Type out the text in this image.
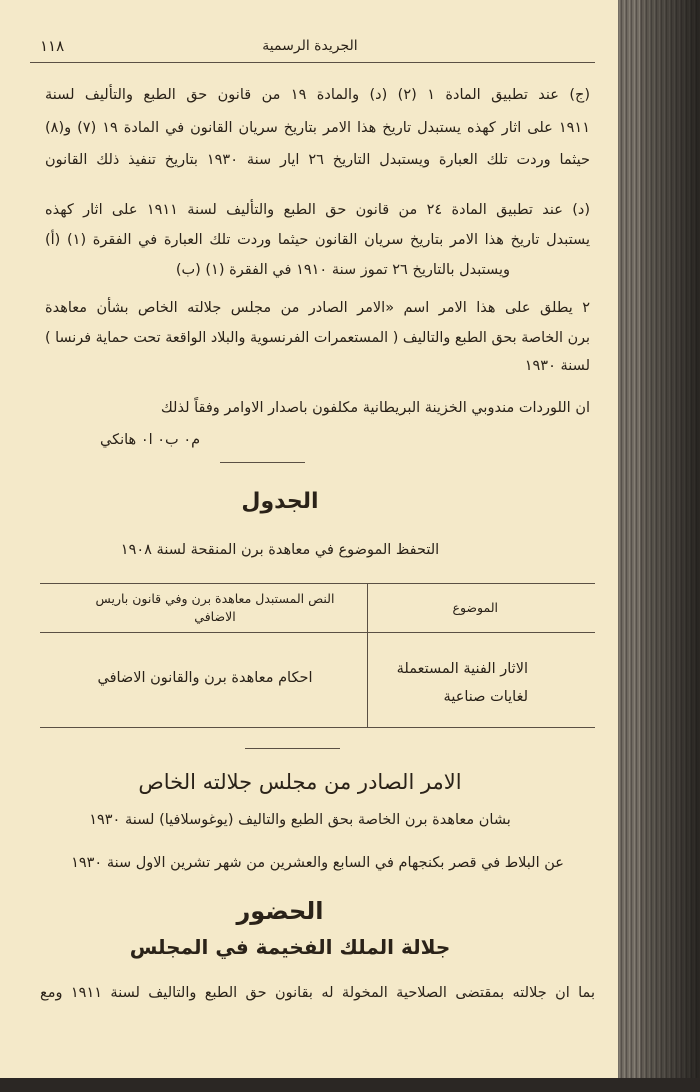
١١٨	الجريدة الرسمية
(ج) عند تطبيق المادة ١ (٢) (د) والمادة ١٩ من قانون حق الطبع والتأليف لسنة
١٩١١ على اثار كهذه يستبدل تاريخ هذا الامر بتاريخ سريان القانون في المادة ١٩ (٧) و(٨)
حيثما وردت تلك العبارة ويستبدل التاريخ ٢٦ ايار سنة ١٩٣٠ بتاريخ تنفيذ ذلك القانون
(د) عند تطبيق المادة ٢٤ من قانون حق الطبع والتأليف لسنة ١٩١١ على اثار كهذه
يستبدل تاريخ هذا الامر بتاريخ سريان القانون حيثما وردت تلك العبارة في الفقرة (١) (أ)
ويستبدل بالتاريخ ٢٦ تموز سنة ١٩١٠ في الفقرة (١) (ب)
٢ يطلق على هذا الامر اسم «الامر الصادر من مجلس جلالته الخاص بشأن معاهدة
برن الخاصة بحق الطبع والتاليف ( المستعمرات الفرنسوية والبلاد الواقعة تحت حماية فرنسا )
لسنة ١٩٣٠
ان اللوردات مندوبي الخزينة البريطانية مكلفون باصدار الاوامر وفقاً لذلك
م٠ ب٠ ا٠ هانكي
الجدول
التحفظ الموضوع في معاهدة برن المنقحة لسنة ١٩٠٨
الموضوع
النص المستبدل معاهدة برن وفي قانون باريس الاضافي
الاثار الفنية المستعملة لغايات صناعية
احكام معاهدة برن والقانون الاضافي
الامر الصادر من مجلس جلالته الخاص
بشان معاهدة برن الخاصة بحق الطبع والتاليف (يوغوسلافيا) لسنة ١٩٣٠
عن البلاط في قصر بكنجهام في السابع والعشرين من شهر تشرين الاول سنة ١٩٣٠
الحضور
جلالة الملك الفخيمة في المجلس
بما ان جلالته بمقتضى الصلاحية المخولة له بقانون حق الطبع والتاليف لسنة ١٩١١ ومع
